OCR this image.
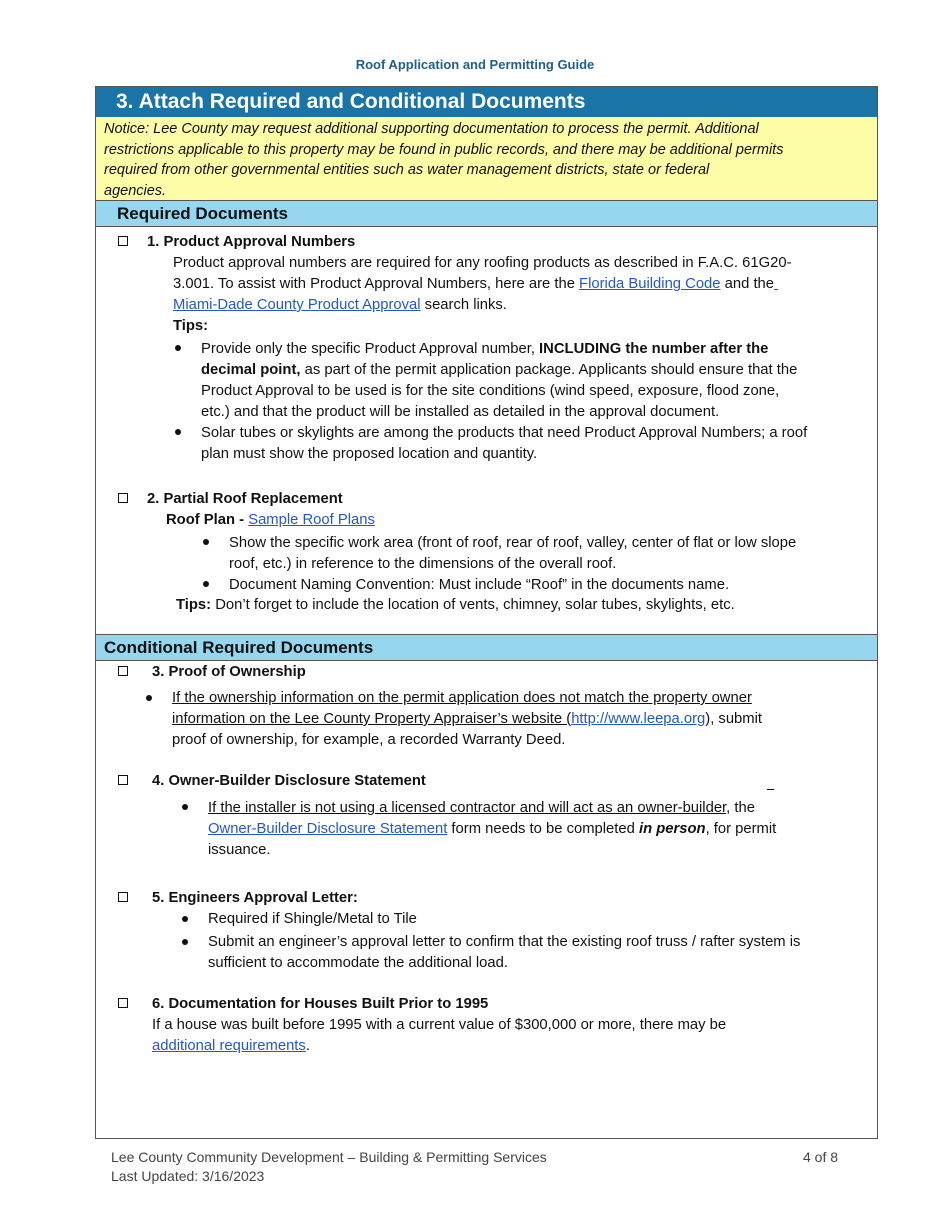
Roof Application and Permitting Guide
3. Attach Required and Conditional Documents
Notice: Lee County may request additional supporting documentation to process the permit. Additional
restrictions applicable to this property may be found in public records, and there may be additional permits
required from other governmental entities such as water management districts, state or federal
agencies.
Required Documents
1. Product Approval Numbers
Product approval numbers are required for any roofing products as described in F.A.C. 61G20-
3.001. To assist with Product Approval Numbers, here are the Florida Building Code and the
Miami-Dade County Product Approval search links.
Tips:
Provide only the specific Product Approval number, INCLUDING the number after the
decimal point, as part of the permit application package. Applicants should ensure that the
Product Approval to be used is for the site conditions (wind speed, exposure, flood zone,
etc.) and that the product will be installed as detailed in the approval document.
Solar tubes or skylights are among the products that need Product Approval Numbers; a roof
plan must show the proposed location and quantity.
2. Partial Roof Replacement
Roof Plan - Sample Roof Plans
Show the specific work area (front of roof, rear of roof, valley, center of flat or low slope
roof, etc.) in reference to the dimensions of the overall roof.
Document Naming Convention: Must include “Roof” in the documents name.
Tips: Don’t forget to include the location of vents, chimney, solar tubes, skylights, etc.
Conditional Required Documents
3. Proof of Ownership
If the ownership information on the permit application does not match the property owner
information on the Lee County Property Appraiser’s website (http://www.leepa.org), submit
proof of ownership, for example, a recorded Warranty Deed.
4. Owner-Builder Disclosure Statement
If the installer is not using a licensed contractor and will act as an owner-builder, the
Owner-Builder Disclosure Statement form needs to be completed in person, for permit
issuance.
5. Engineers Approval Letter:
Required if Shingle/Metal to Tile
Submit an engineer’s approval letter to confirm that the existing roof truss / rafter system is
sufficient to accommodate the additional load.
6. Documentation for Houses Built Prior to 1995
If a house was built before 1995 with a current value of $300,000 or more, there may be
additional requirements.
Lee County Community Development – Building & Permitting Services
Last Updated: 3/16/2023
4 of 8
